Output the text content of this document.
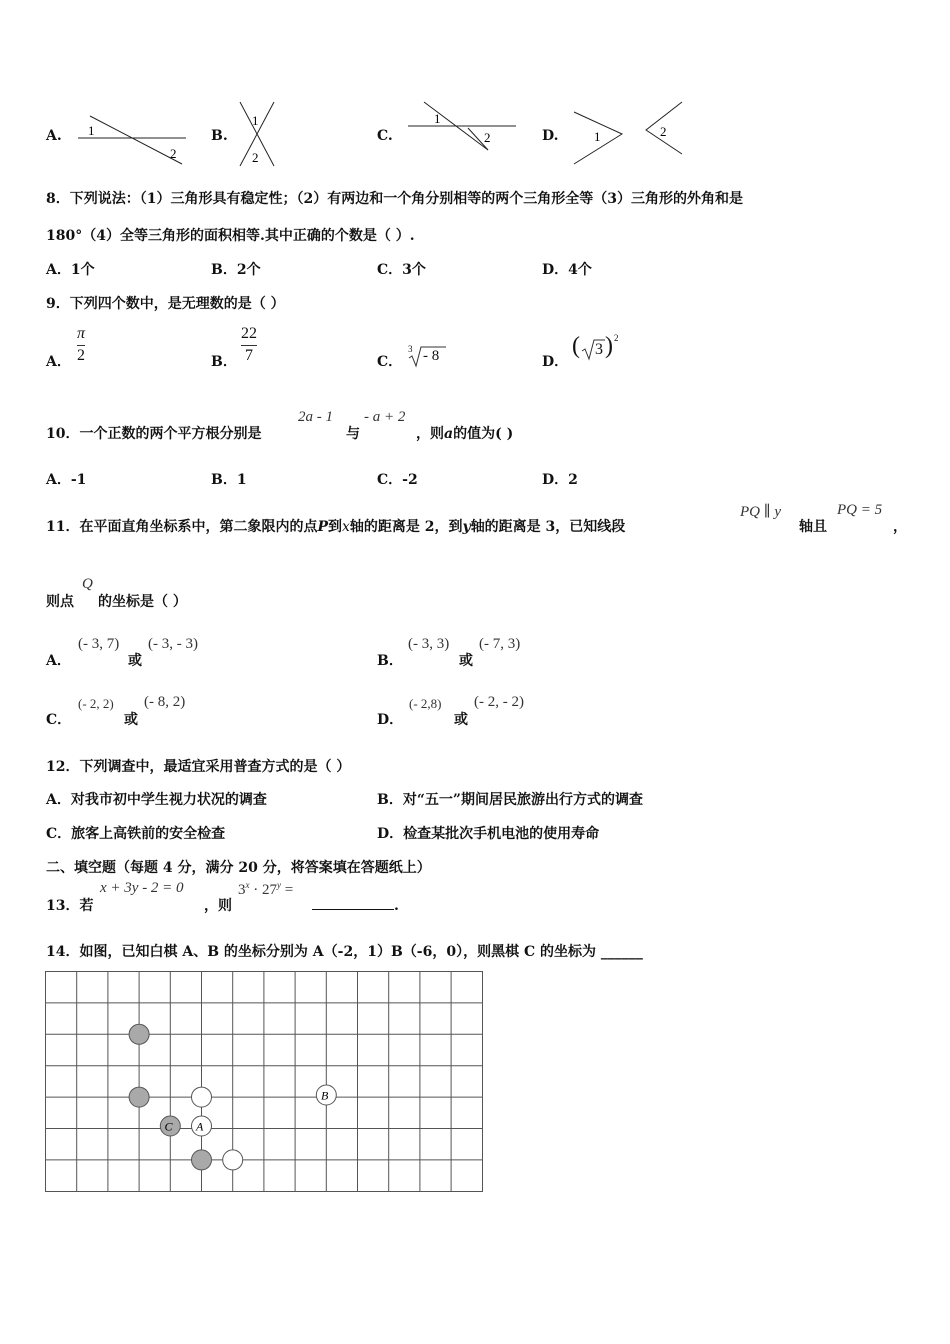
A. 1
2
B.
1
2
C.
1
2	D.	1	2
8．下列说法：（1）三角形具有稳定性；（2）有两边和一个角分别相等的两个三角形全等（3）三角形的外角和是
180°（4）全等三角形的面积相等.其中正确的个数是（ ）.
A．1个	B．2个	C．3个	D．4个
9．下列四个数中，是无理数的是（ ）
A．
π
2	B．
22
7	C．
3 - 8	D．
( 3 ) 2
10．一个正数的两个平方根分别是
2a - 1
与
- a + 2
，则a的值为( )
A．-1	B．1	C．-2	D．2
11．在平面直角坐标系中，第二象限内的点P到x轴的距离是 2，到y轴的距离是 3，已知线段
PQ ∥ y
轴且
PQ = 5
，
则点
Q
的坐标是（ ）
A．
(- 3, 7)
或
(- 3, - 3)
B．
(- 3, 3)
或
(- 7, 3)
C．
(- 2, 2)
或
(- 8, 2)
D．
(- 2,8)
或
(- 2, - 2)
12．下列调查中，最适宜采用普查方式的是（ ）
A．对我市初中学生视力状况的调查	B．对“五一”期间居民旅游出行方式的调查
C．旅客上高铁前的安全检查	D．检查某批次手机电池的使用寿命
二、填空题（每题 4 分，满分 20 分，将答案填在答题纸上）
13．若
x + 3y - 2 = 0
，则
$3^x \cdot 27^y$ =
.
14．如图，已知白棋 A、B 的坐标分别为 A（-2，1）B（-6，0），则黑棋 C 的坐标为 ______
C A
B
